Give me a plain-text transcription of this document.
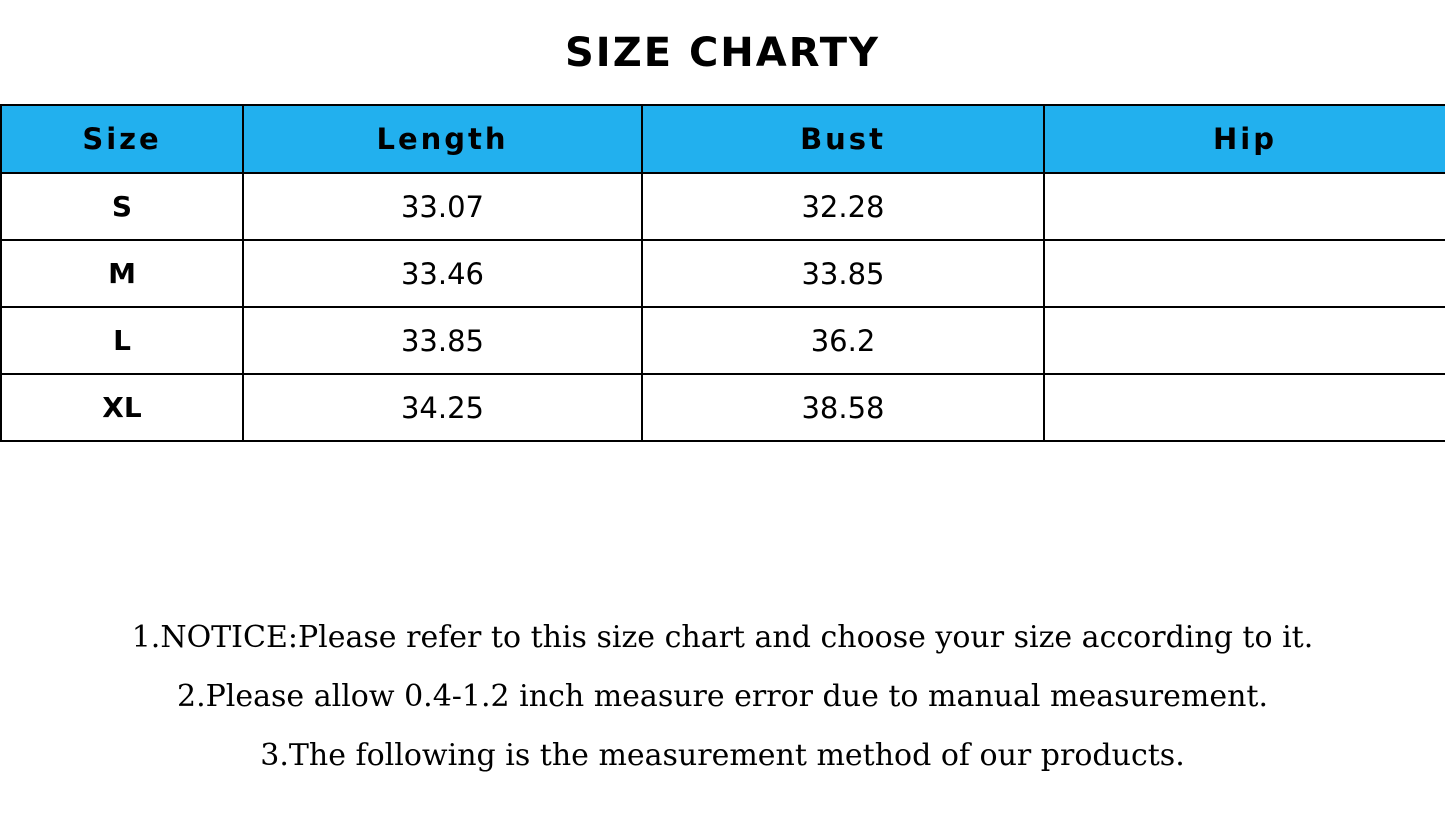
SIZE CHARTY
Size	Length	Bust	Hip
S	33.07	32.28	
M	33.46	33.85	
L	33.85	36.2	
XL	34.25	38.58	
1.NOTICE:Please refer to this size chart and choose your size according to it.
2.Please allow 0.4-1.2 inch measure error due to manual measurement.
3.The following is the measurement method of our products.
